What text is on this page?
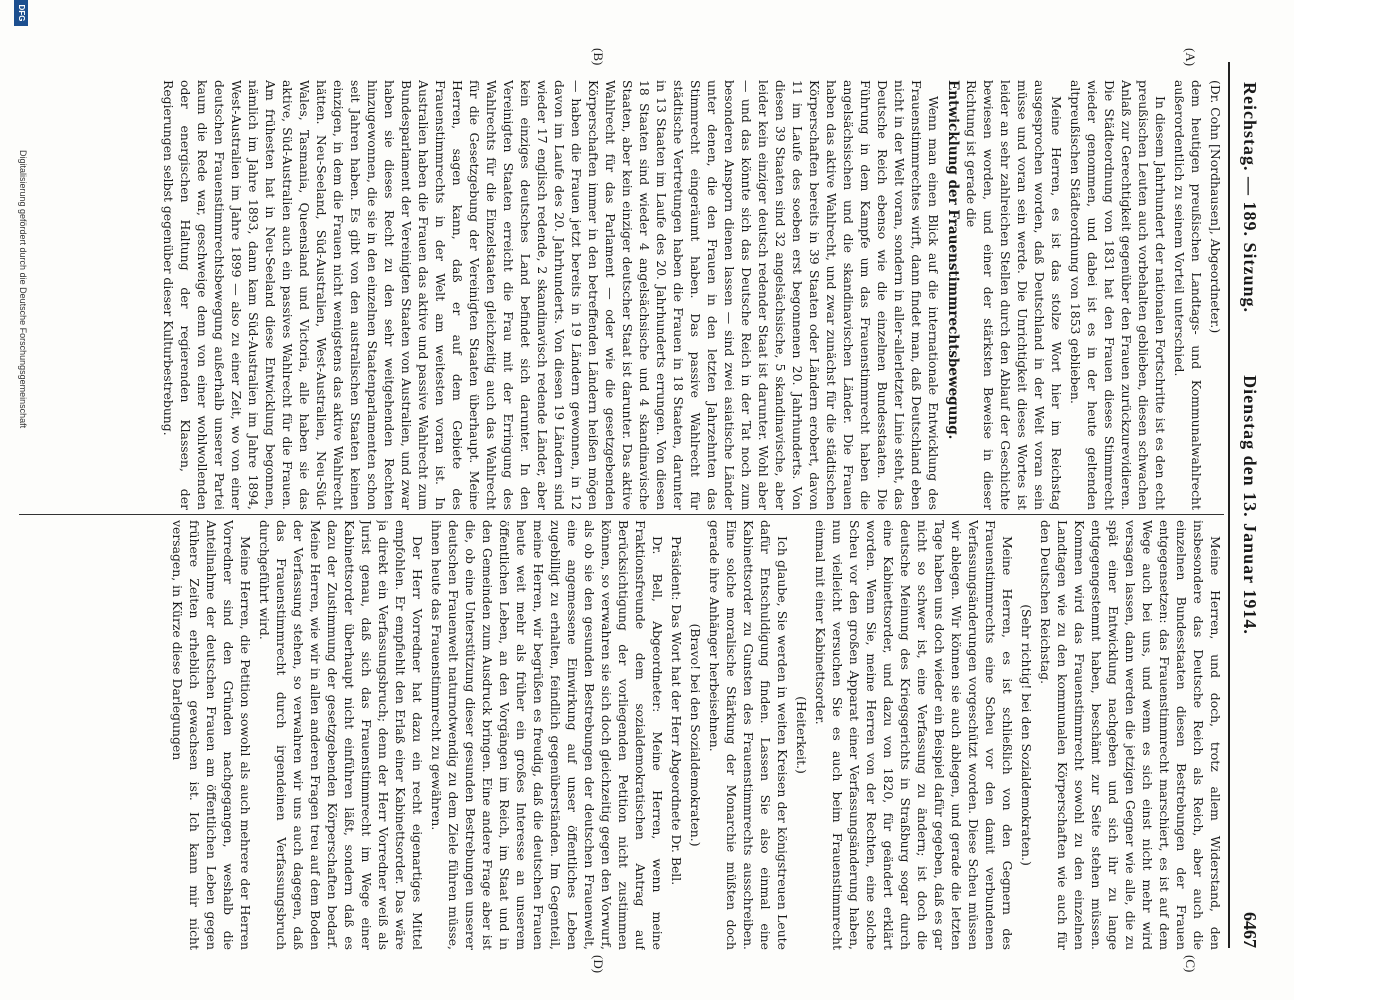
Reichstag. — 189. Sitzung.
Dienstag den 13. Januar 1914.
6467
(A)
(B)
(C)
(D)

(Dr. Cohn [Nordhausen], Abgeordneter.)

dem heutigen preußischen Landtags- und Kommunalwahlrecht außerordentlich zu seinem Vorteil unterschied.

In diesem Jahrhundert der nationalen Fortschritte ist es den echt preußischen Leuten auch vorbehalten geblieben, diesen schwachen Anlaß zur Gerechtigkeit gegenüber den Frauen zurückzurevidieren. Die Städteordnung von 1831 hat den Frauen dieses Stimmrecht wieder genommen, und dabei ist es in der heute geltenden altpreußischen Städteordnung von 1853 geblieben.

Meine Herren, es ist das stolze Wort hier im Reichstag ausgesprochen worden, daß Deutschland in der Welt voran sein müsse und voran sein werde. Die Unrichtigkeit dieses Wortes ist leider an sehr zahlreichen Stellen durch den Ablauf der Geschichte bewiesen worden, und einer der stärksten Beweise in dieser Richtung ist gerade die

Entwicklung der Frauenstimmrechtsbewegung.

Wenn man einen Blick auf die internationale Entwicklung des Frauenstimmrechtes wirft, dann findet man, daß Deutschland eben nicht in der Welt voran, sondern in aller-allerletzter Linie steht, das Deutsche Reich ebenso wie die einzelnen Bundesstaaten. Die Führung in dem Kampfe um das Frauenstimmrecht haben die angelsächsischen und die skandinavischen Länder. Die Frauen haben das aktive Wahlrecht, und zwar zunächst für die städtischen Körperschaften bereits in 39 Staaten oder Ländern erobert, davon 11 im Laufe des soeben erst begonnenen 20. Jahrhunderts. Von diesen 39 Staaten sind 32 angelsächsische, 5 skandinavische, aber leider kein einziger deutsch redender Staat ist darunter. Wohl aber — und das könnte sich das Deutsche Reich in der Tat noch zum besonderen Ansporn dienen lassen — sind zwei asiatische Länder unter denen, die den Frauen in den letzten Jahrzehnten das Stimmrecht eingeräumt haben. Das passive Wahlrecht für städtische Vertretungen haben die Frauen in 18 Staaten, darunter in 13 Staaten im Laufe des 20. Jahrhunderts errungen. Von diesen 18 Staaten sind wieder 4 angelsächsische und 4 skandinavische Staaten, aber kein einziger deutscher Staat ist darunter. Das aktive Wahlrecht für das Parlament — oder wie die gesetzgebenden Körperschaften immer in den betreffenden Ländern heißen mögen — haben die Frauen jetzt bereits in 19 Ländern gewonnen, in 12 davon im Laufe des 20. Jahrhunderts. Von diesen 19 Ländern sind wieder 17 englisch redende, 2 skandinavisch redende Länder, aber kein einziges deutsches Land befindet sich darunter. In den Vereinigten Staaten erreicht die Frau mit der Erringung des Wahlrechts für die Einzelstaaten gleichzeitig auch das Wahlrecht für die Gesetzgebung der Vereinigten Staaten überhaupt. Meine Herren, sagen kann, daß er auf dem Gebiete des Frauenstimmrechts in der Welt am weitesten voran ist. In Australien haben die Frauen das aktive und passive Wahlrecht zum Bundesparlament der Vereinigten Staaten von Australien, und zwar haben sie dieses Recht zu den sehr weitgehenden Rechten hinzugewonnen, die sie in den einzelnen Staatenparlamenten schon seit Jahren haben. Es gibt von den australischen Staaten keinen einzigen, in dem die Frauen nicht wenigstens das aktive Wahlrecht hätten. Neu-Seeland, Süd-Australien, West-Australien, Neu-Süd-Wales, Tasmania, Queensland und Victoria, alle haben sie das aktive, Süd-Australien auch ein passives Wahlrecht für die Frauen. Am frühesten hat in Neu-Seeland diese Entwicklung begonnen, nämlich im Jahre 1893, dann kam Süd-Australien im Jahre 1894, West-Australien im Jahre 1899 — also zu einer Zeit, wo von einer deutschen Frauenstimmrechtsbewegung außerhalb unserer Partei kaum die Rede war, geschweige denn von einer wohlwollenden oder energischen Haltung der regierenden Klassen, der Regierungen selbst gegenüber dieser Kulturbestrebung.

Meine Herren, und doch, trotz allem Widerstand, den insbesondere das Deutsche Reich als Reich, aber auch die einzelnen Bundesstaaten diesen Bestrebungen der Frauen entgegensetzen: das Frauenstimmrecht marschiert, es ist auf dem Wege auch bei uns, und wenn es sich einst nicht mehr wird versagen lassen, dann werden die jetzigen Gegner wie alle, die zu spät einer Entwicklung nachgeben und sich ihr zu lange entgegengestemmt haben, beschämt zur Seite stehen müssen. Kommen wird das Frauenstimmrecht sowohl zu den einzelnen Landtagen wie zu den kommunalen Körperschaften wie auch für den Deutschen Reichstag.

(Sehr richtig! bei den Sozialdemokraten.)

Meine Herren, es ist schließlich von den Gegnern des Frauenstimmrechts eine Scheu vor den damit verbundenen Verfassungsänderungen vorgeschützt worden. Diese Scheu müssen wir ablegen. Wir können sie auch ablegen, und gerade die letzten Tage haben uns doch wieder ein Beispiel dafür gegeben, daß es gar nicht so schwer ist, eine Verfassung zu ändern; ist doch die deutsche Meinung des Kriegsgerichts in Straßburg sogar durch eine Kabinettsorder, und dazu von 1820, für geändert erklärt worden. Wenn Sie, meine Herren von der Rechten, eine solche Scheu vor den großen Apparat einer Verfassungsänderung haben, nun vielleicht versuchen Sie es auch beim Frauenstimmrecht einmal mit einer Kabinettsorder.

(Heiterkeit.)

Ich glaube, Sie werden in weiten Kreisen der königstreuen Leute dafür Entschuldigung finden. Lassen Sie also einmal eine Kabinettsorder zu Gunsten des Frauenstimmrechts ausschreiben. Eine solche moralische Stärkung der Monarchie müßten doch gerade ihre Anhänger herbeisehnen.

(Bravo! bei den Sozialdemokraten.)

Präsident: Das Wort hat der Herr Abgeordnete Dr. Bell.

Dr. Bell, Abgeordneter: Meine Herren, wenn meine Fraktionsfreunde dem sozialdemokratischen Antrag auf Berücksichtigung der vorliegenden Petition nicht zustimmen können, so verwahren sie sich doch gleichzeitig gegen den Vorwurf, als ob sie den gesunden Bestrebungen der deutschen Frauenwelt, eine angemessene Einwirkung auf unser öffentliches Leben zugebilligt zu erhalten, feindlich gegenüberständen. Im Gegenteil, meine Herren, wir begrüßen es freudig, daß die deutschen Frauen heute weit mehr als früher ein großes Interesse an unserem öffentlichen Leben, an den Vorgängen im Reich, im Staat und in den Gemeinden zum Ausdruck bringen. Eine andere Frage aber ist die, ob eine Unterstützung dieser gesunden Bestrebungen unserer deutschen Frauenwelt naturnotwendig zu dem Ziele führen müsse, ihnen heute das Frauenstimmrecht zu gewähren.

Der Herr Vorredner hat dazu ein recht eigenartiges Mittel empfohlen. Er empfiehlt den Erlaß einer Kabinettsorder. Das wäre ja direkt ein Verfassungsbruch; denn der Herr Vorredner weiß als Jurist genau, daß sich das Frauenstimmrecht im Wege einer Kabinettsorder überhaupt nicht einführen läßt, sondern daß es dazu der Zustimmung der gesetzgebenden Körperschaften bedarf. Meine Herren, wie wir in allen anderen Fragen treu auf dem Boden der Verfassung stehen, so verwahren wir uns auch dagegen, daß das Frauenstimmrecht durch irgendeinen Verfassungsbruch durchgeführt wird.

Meine Herren, die Petition sowohl als auch mehrere der Herren Vorredner sind den Gründen nachgegangen, weshalb die Anteilnahme der deutschen Frauen am öffentlichen Leben gegen frühere Zeiten erheblich gewachsen ist. Ich kann mir nicht versagen, in Kürze diese Darlegungen

DFG
Digitalisierung gefördert durch die Deutsche Forschungsgemeinschaft
